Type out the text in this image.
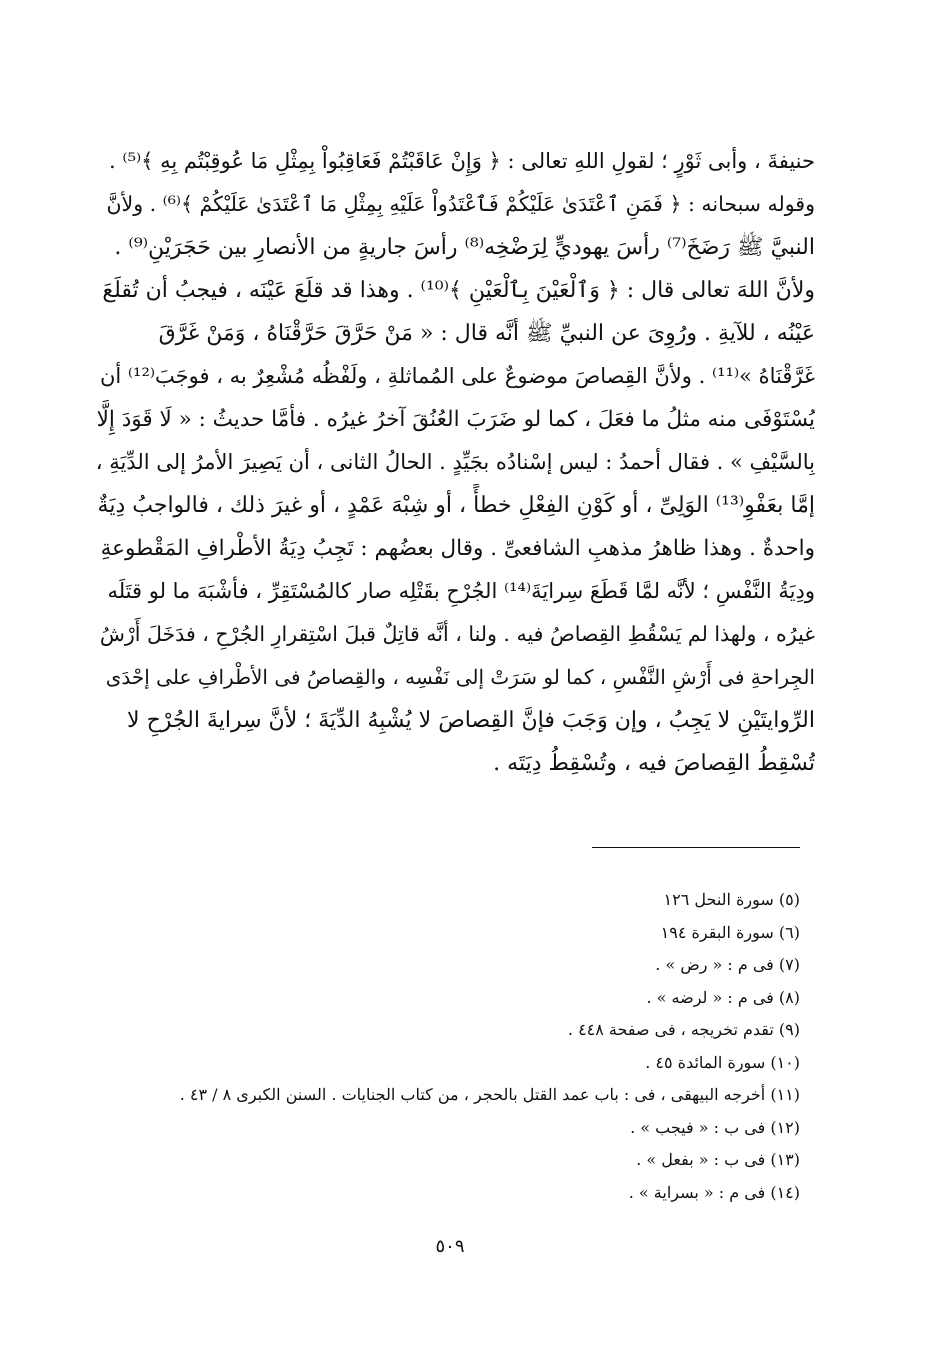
حنيفةَ ، وأبى ثَوْرٍ ؛ لقولِ اللهِ تعالى : ﴿ وَإِنْ عَاقَبْتُمْ فَعَاقِبُواْ بِمِثْلِ مَا عُوقِبْتُم بِهِ ﴾⁽⁵⁾ .
وقوله سبحانه : ﴿ فَمَنِ ٱعْتَدَىٰ عَلَيْكُمْ فَٱعْتَدُواْ عَلَيْهِ بِمِثْلِ مَا ٱعْتَدَىٰ عَلَيْكُمْ ﴾⁽⁶⁾ . ولأنَّ
النبيَّ ﷺ رَضَخَ⁽⁷⁾ رأسَ يهوديٍّ لِرَضْخِه⁽⁸⁾ رأسَ جاريةٍ من الأنصارِ بين حَجَرَيْنِ⁽⁹⁾ .
ولأنَّ اللهَ تعالى قال : ﴿ وَٱلْعَيْنَ بِٱلْعَيْنِ ﴾⁽¹⁰⁾ . وهذا قد قلَعَ عَيْنَه ، فيجبُ أن تُقلَعَ
عَيْنُه ، للآيةِ . ورُوِىَ عن النبيِّ ﷺ أنَّه قال : « مَنْ حَرَّقَ حَرَّقْنَاهُ ، وَمَنْ غَرَّقَ
غَرَّقْنَاهُ »⁽¹¹⁾ . ولأنَّ القِصاصَ موضوعٌ على المُماثلةِ ، ولَفْظُه مُشْعِرٌ به ، فوجَبَ⁽¹²⁾ أن
يُسْتَوْفَى منه مثلُ ما فعَلَ ، كما لو ضَرَبَ العُنُقَ آخرُ غيرُه . فأمَّا حديثُ : « لَا قَوَدَ إِلَّا
بِالسَّيْفِ » . فقال أحمدُ : ليس إسْنادُه بجَيِّدٍ . الحالُ الثانى ، أن يَصِيرَ الأمرُ إلى الدِّيَةِ ،
إمَّا بعَفْوِ⁽¹³⁾ الوَلِىِّ ، أو كَوْنِ الفِعْلِ خطأً ، أو شِبْهَ عَمْدٍ ، أو غيرَ ذلك ، فالواجبُ دِيَةٌ
واحدةٌ . وهذا ظاهرُ مذهبِ الشافعىِّ . وقال بعضُهم : تَجِبُ دِيَةُ الأطْرافِ المَقْطوعةِ
ودِيَةُ النَّفْسِ ؛ لأنَّه لمَّا قَطَعَ سِرايَةَ⁽¹⁴⁾ الجُرْحِ بقَتْلِه صار كالمُسْتَقِرِّ ، فأشْبَهَ ما لو قتَلَه
غيرُه ، ولهذا لم يَسْقُطِ القِصاصُ فيه . ولنا ، أنَّه قاتِلٌ قبلَ اسْتِقرارِ الجُرْحِ ، فدَخَلَ أَرْشُ
الجِراحةِ فى أَرْشِ النَّفْسِ ، كما لو سَرَتْ إلى نَفْسِه ، والقِصاصُ فى الأطْرافِ على إحْدَى
الرِّوايتَيْنِ لا يَجِبُ ، وإن وَجَبَ فإنَّ القِصاصَ لا يُشْبِهُ الدِّيَةَ ؛ لأنَّ سِرايةَ الجُرْحِ لا
تُسْقِطُ القِصاصَ فيه ، وتُسْقِطُ دِيَتَه .
(٥) سورة النحل ١٢٦
(٦) سورة البقرة ١٩٤
(٧) فى م : « رض » .
(٨) فى م : « لرضه » .
(٩) تقدم تخريجه ، فى صفحة ٤٤٨ .
(١٠) سورة المائدة ٤٥ .
(١١) أخرجه البيهقى ، فى : باب عمد القتل بالحجر ، من كتاب الجنايات . السنن الكبرى ٨ / ٤٣ .
(١٢) فى ب : « فيجب » .
(١٣) فى ب : « بفعل » .
(١٤) فى م : « بسراية » .
٥٠٩
